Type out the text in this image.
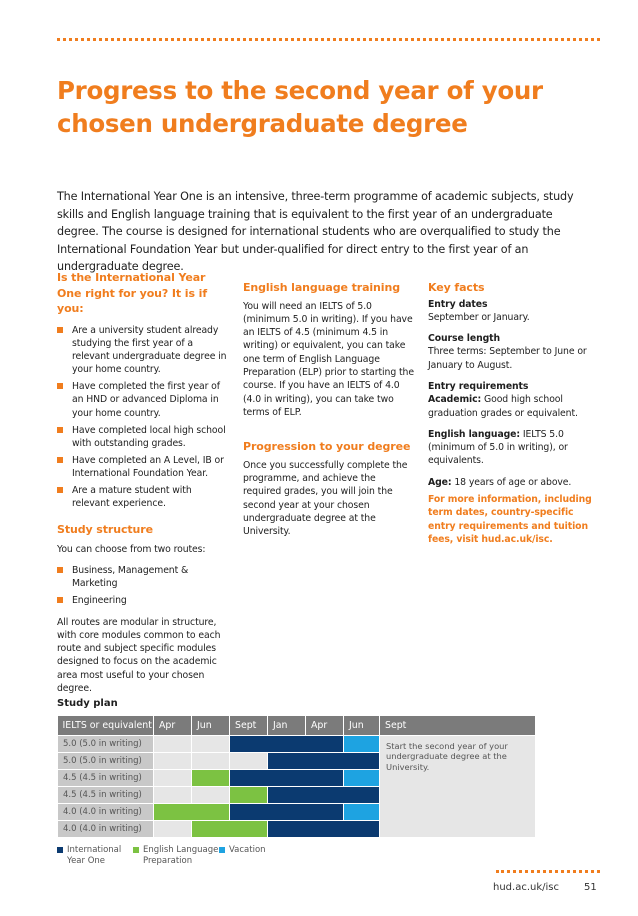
Progress to the second year of your chosen undergraduate degree

The International Year One is an intensive, three-term programme of academic subjects, study skills and English language training that is equivalent to the first year of an undergraduate degree. The course is designed for international students who are overqualified to study the International Foundation Year but under-qualified for direct entry to the first year of an undergraduate degree.

Is the International Year One right for you? It is if you:
Are a university student already studying the first year of a relevant undergraduate degree in your home country.
Have completed the first year of an HND or advanced Diploma in your home country.
Have completed local high school with outstanding grades.
Have completed an A Level, IB or International Foundation Year.
Are a mature student with relevant experience.
Study structure

You can choose from two routes:

Business, Management & Marketing
Engineering

All routes are modular in structure, with core modules common to each route and subject specific modules designed to focus on the academic area most useful to your chosen degree.

English language training

You will need an IELTS of 5.0 (minimum 5.0 in writing). If you have an IELTS of 4.5 (minimum 4.5 in writing) or equivalent, you can take one term of English Language Preparation (ELP) prior to starting the course. If you have an IELTS of 4.0 (4.0 in writing), you can take two terms of ELP.

Progression to your degree

Once you successfully complete the programme, and achieve the required grades, you will join the second year at your chosen undergraduate degree at the University.

Key facts
Entry dates
September or January.
Course length
Three terms: September to June or January to August.
Entry requirements
Academic: Good high school graduation grades or equivalent.
English language: IELTS 5.0 (minimum of 5.0 in writing), or equivalents.
Age: 18 years of age or above.

For more information, including term dates, country-specific entry requirements and tuition fees, visit hud.ac.uk/isc.

Study plan
IELTS or equivalent	Apr	Jun	Sept	Jan	Apr	Jun	Sept
5.0 (5.0 in writing)							Start the second year of your undergraduate degree at the University.
5.0 (5.0 in writing)							
4.5 (4.5 in writing)							
4.5 (4.5 in writing)							
4.0 (4.0 in writing)							
4.0 (4.0 in writing)							
International Year One
English Language Preparation
Vacation
hud.ac.uk/isc	51
